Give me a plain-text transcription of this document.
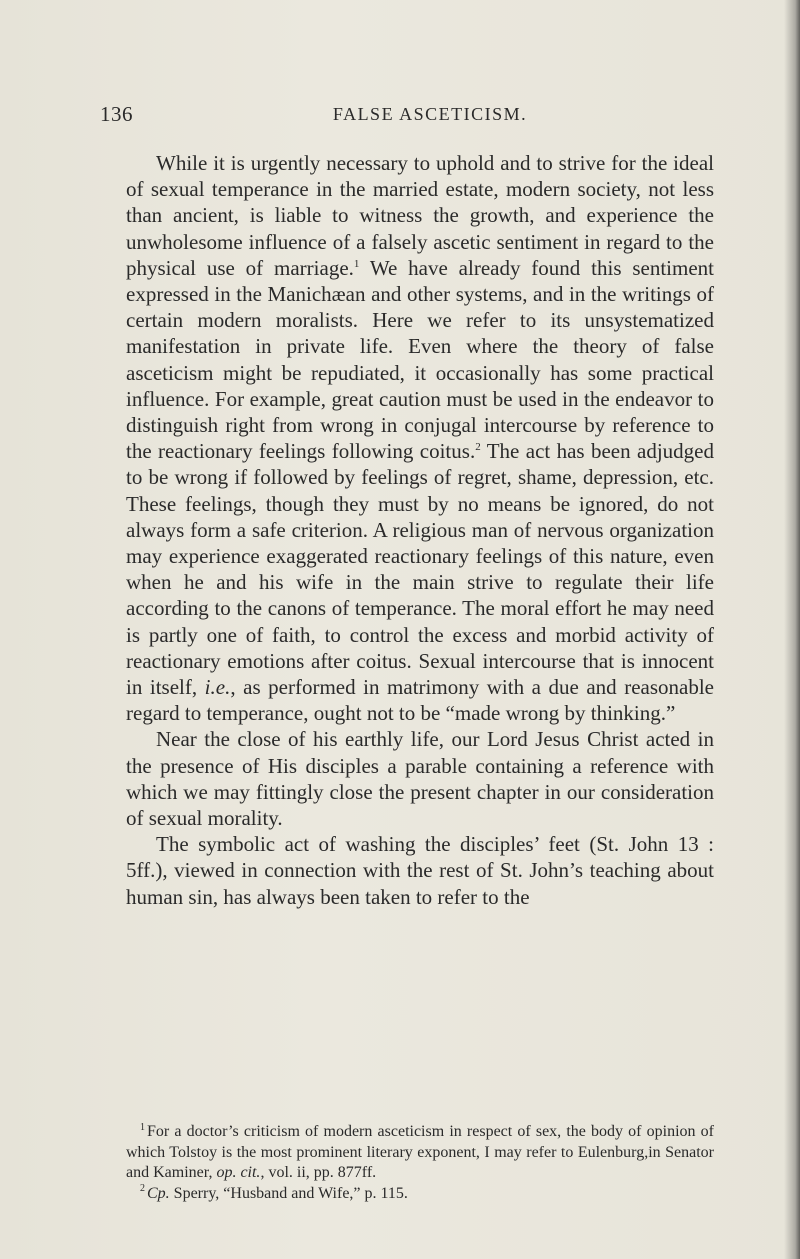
136	FALSE ASCETICISM.

While it is urgently necessary to uphold and to strive for the ideal of sexual temperance in the married estate, modern society, not less than ancient, is liable to witness the growth, and experience the unwholesome influence of a falsely ascetic sentiment in regard to the physical use of marriage.$^1$ We have already found this sentiment expressed in the Manichæan and other systems, and in the writings of certain modern moralists. Here we refer to its unsystematized manifestation in private life. Even where the theory of false asceticism might be repudiated, it occasionally has some practical influence. For example, great caution must be used in the endeavor to distinguish right from wrong in conjugal intercourse by reference to the reactionary feelings following coitus.$^2$ The act has been adjudged to be wrong if followed by feelings of regret, shame, depression, etc. These feelings, though they must by no means be ignored, do not always form a safe criterion. A religious man of nervous organization may experience exaggerated reactionary feelings of this nature, even when he and his wife in the main strive to regulate their life according to the canons of temperance. The moral effort he may need is partly one of faith, to control the excess and morbid activity of reactionary emotions after coitus. Sexual intercourse that is innocent in itself, i.e., as performed in matrimony with a due and reasonable regard to temperance, ought not to be “made wrong by thinking.”

Near the close of his earthly life, our Lord Jesus Christ acted in the presence of His disciples a parable containing a reference with which we may fittingly close the present chapter in our consideration of sexual morality.

The symbolic act of washing the disciples’ feet (St. John 13 : 5ff.), viewed in connection with the rest of St. John’s teaching about human sin, has always been taken to refer to the

$^1$ For a doctor’s criticism of modern asceticism in respect of sex, the body of opinion of which Tolstoy is the most prominent literary exponent, I may refer to Eulenburg,in Senator and Kaminer, op. cit., vol. ii, pp. 877ff.

$^2$ Cp. Sperry, “Husband and Wife,” p. 115.
